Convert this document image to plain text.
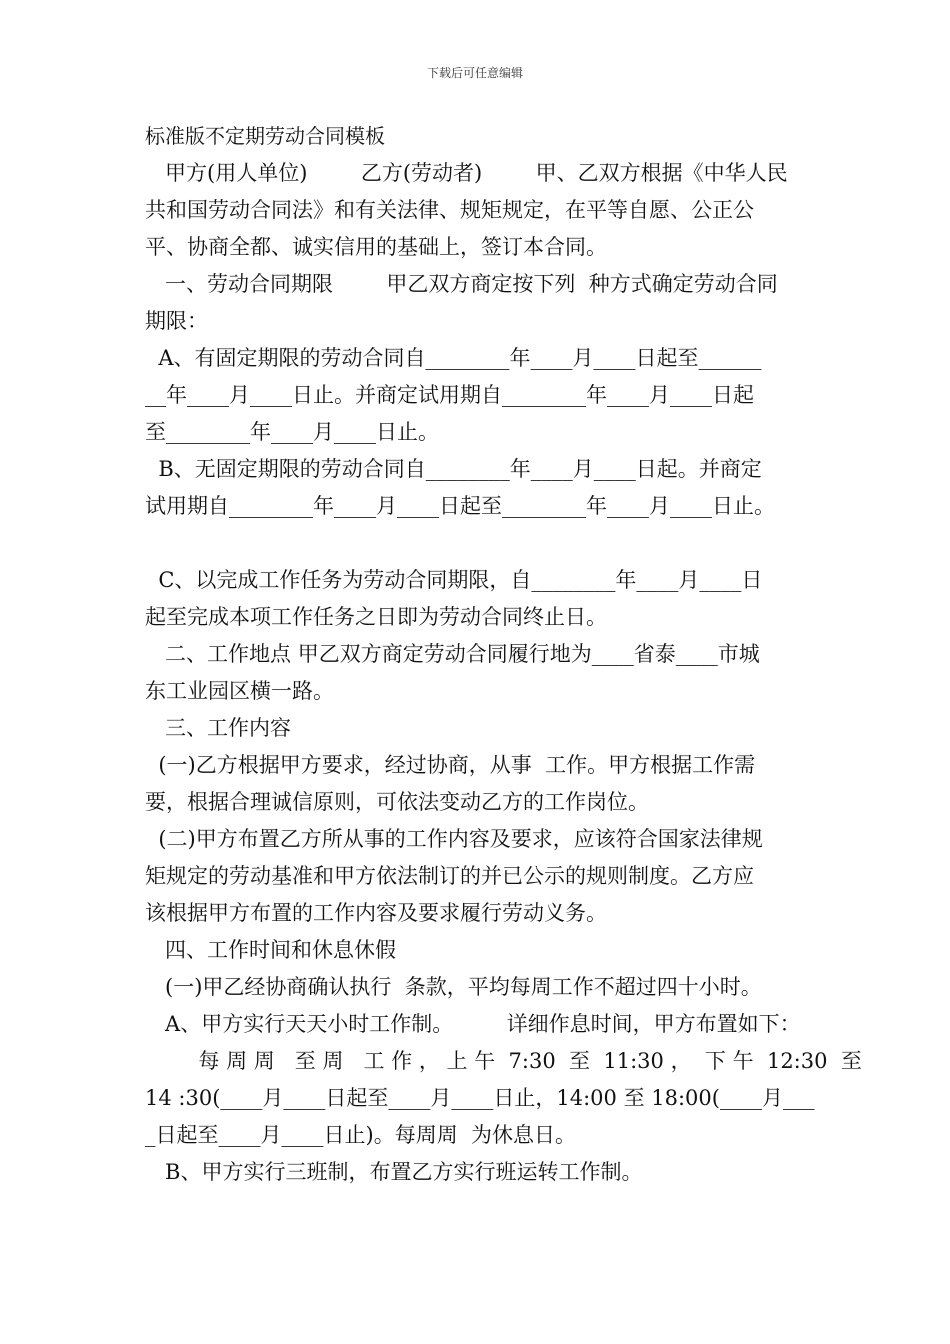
下载后可任意编辑
标准版不定期劳动合同模板
甲方(用人单位)        乙方(劳动者)        甲、乙双方根据《中华人民
共和国劳动合同法》和有关法律、规矩规定，在平等自愿、公正公
平、协商全都、诚实信用的基础上，签订本合同。
一、劳动合同期限        甲乙双方商定按下列  种方式确定劳动合同
期限：
A、有固定期限的劳动合同自________年____月____日起至______
__年____月____日止。并商定试用期自________年____月____日起
至________年____月____日止。
B、无固定期限的劳动合同自________年____月____日起。并商定
试用期自________年____月____日起至________年____月____日止。
C、以完成工作任务为劳动合同期限，自________年____月____日
起至完成本项工作任务之日即为劳动合同终止日。
二、工作地点 甲乙双方商定劳动合同履行地为____省泰____市城
东工业园区横一路。
三、工作内容
(一)乙方根据甲方要求，经过协商，从事  工作。甲方根据工作需
要，根据合理诚信原则，可依法变动乙方的工作岗位。
(二)甲方布置乙方所从事的工作内容及要求，应该符合国家法律规
矩规定的劳动基准和甲方依法制订的并已公示的规则制度。乙方应
该根据甲方布置的工作内容及要求履行劳动义务。
四、工作时间和休息休假
(一)甲乙经协商确认执行  条款，平均每周工作不超过四十小时。
A、甲方实行天天小时工作制。        详细作息时间，甲方布置如下：
每 周 周   至 周   工 作 ， 上 午  7:30  至  11:30 ，  下 午  12:30  至
14 :30(____月____日起至____月____日止，14:00 至 18:00(____月___
_日起至____月____日止)。每周周  为休息日。
B、甲方实行三班制，布置乙方实行班运转工作制。
